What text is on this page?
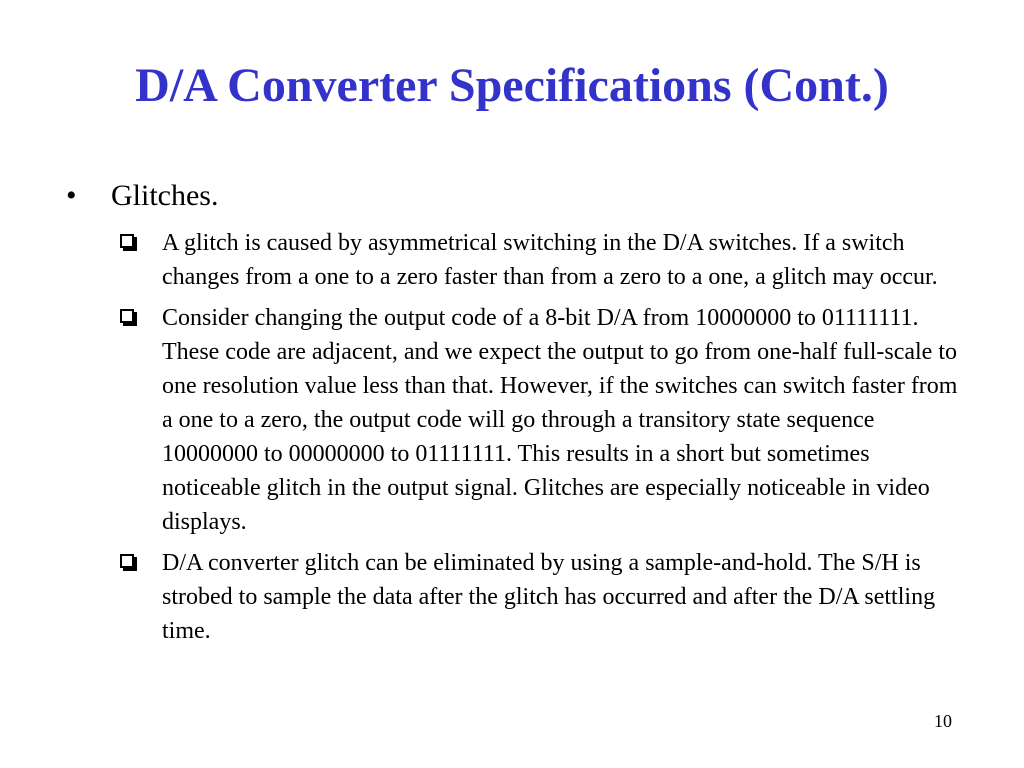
D/A Converter Specifications (Cont.)
• Glitches.
A glitch is caused by asymmetrical switching in the D/A switches. If a switch changes from a one to a zero faster than from a zero to a one, a glitch may occur.
Consider changing the output code of a 8-bit D/A from 10000000 to 01111111. These code are adjacent, and we expect the output to go from one-half full-scale to one resolution value less than that. However, if the switches can switch faster from a one to a zero, the output code will go through a transitory state sequence 10000000 to 00000000 to 01111111. This results in a short but sometimes noticeable glitch in the output signal. Glitches are especially noticeable in video displays.
D/A converter glitch can be eliminated by using a sample-and-hold. The S/H is strobed to sample the data after the glitch has occurred and after the D/A settling time.
10
